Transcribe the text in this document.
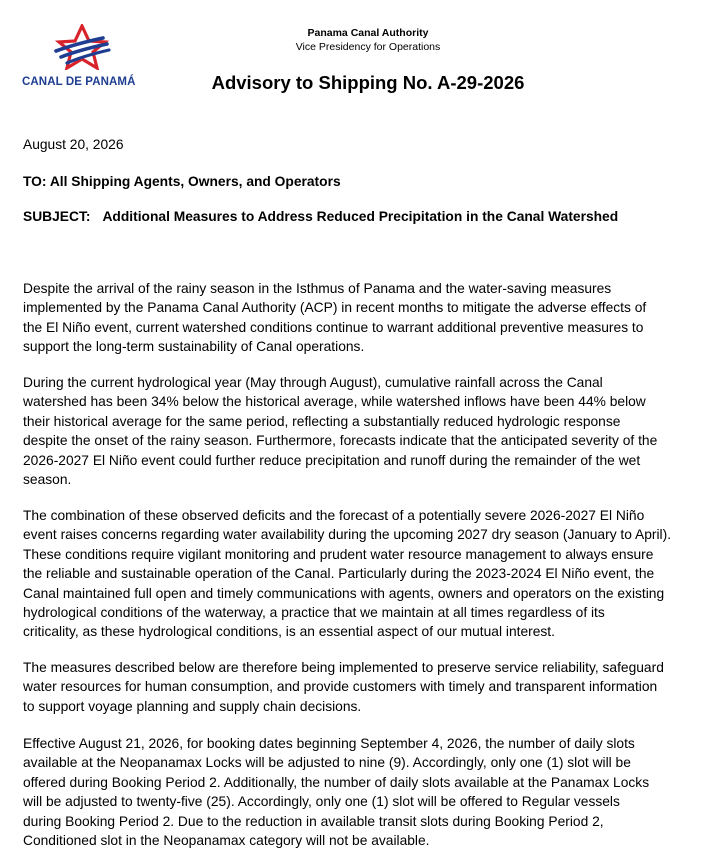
CANAL DE PANAMÁ
Panama Canal Authority
Vice Presidency for Operations
Advisory to Shipping No. A-29-2026
August 20, 2026
TO: All Shipping Agents, Owners, and Operators
SUBJECT: Additional Measures to Address Reduced Precipitation in the Canal Watershed
Despite the arrival of the rainy season in the Isthmus of Panama and the water-saving measures
implemented by the Panama Canal Authority (ACP) in recent months to mitigate the adverse effects of
the El Niño event, current watershed conditions continue to warrant additional preventive measures to
support the long-term sustainability of Canal operations.
During the current hydrological year (May through August), cumulative rainfall across the Canal
watershed has been 34% below the historical average, while watershed inflows have been 44% below
their historical average for the same period, reflecting a substantially reduced hydrologic response
despite the onset of the rainy season. Furthermore, forecasts indicate that the anticipated severity of the
2026-2027 El Niño event could further reduce precipitation and runoff during the remainder of the wet
season.
The combination of these observed deficits and the forecast of a potentially severe 2026-2027 El Niño
event raises concerns regarding water availability during the upcoming 2027 dry season (January to April).
These conditions require vigilant monitoring and prudent water resource management to always ensure
the reliable and sustainable operation of the Canal. Particularly during the 2023-2024 El Niño event, the
Canal maintained full open and timely communications with agents, owners and operators on the existing
hydrological conditions of the waterway, a practice that we maintain at all times regardless of its
criticality, as these hydrological conditions, is an essential aspect of our mutual interest.
The measures described below are therefore being implemented to preserve service reliability, safeguard
water resources for human consumption, and provide customers with timely and transparent information
to support voyage planning and supply chain decisions.
Effective August 21, 2026, for booking dates beginning September 4, 2026, the number of daily slots
available at the Neopanamax Locks will be adjusted to nine (9). Accordingly, only one (1) slot will be
offered during Booking Period 2. Additionally, the number of daily slots available at the Panamax Locks
will be adjusted to twenty-five (25). Accordingly, only one (1) slot will be offered to Regular vessels
during Booking Period 2. Due to the reduction in available transit slots during Booking Period 2,
Conditioned slot in the Neopanamax category will not be available.
